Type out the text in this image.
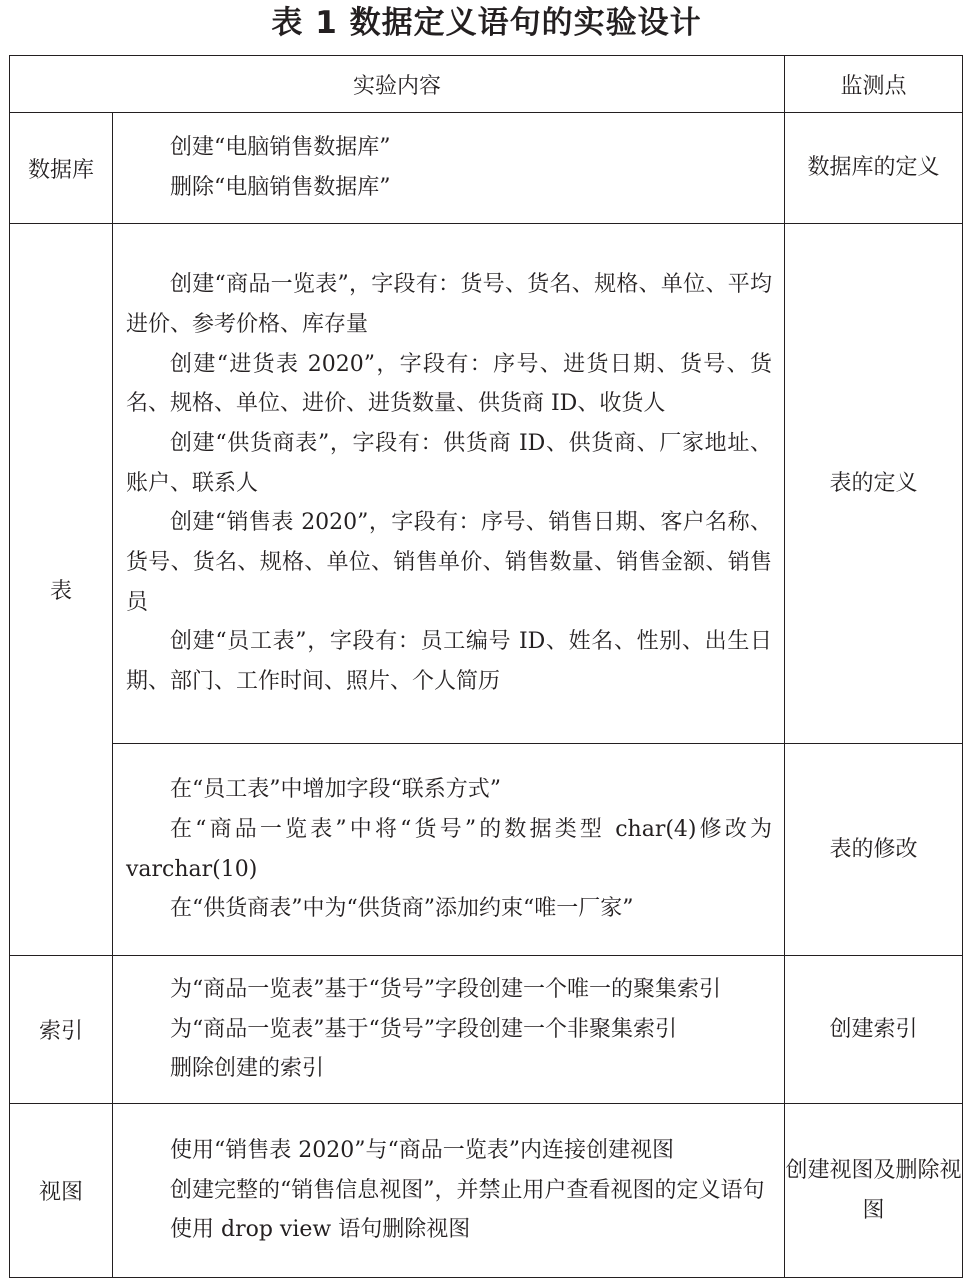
表 1 数据定义语句的实验设计
实验内容		监测点
数据库	创建“电脑销售数据库”

删除“电脑销售数据库”	数据库的定义
表	创建“商品一览表”，字段有：货号、货名、规格、单位、平均进价、参考价格、库存量

创建“进货表 2020”，字段有：序号、进货日期、货号、货名、规格、单位、进价、进货数量、供货商 ID、收货人

创建“供货商表”，字段有：供货商 ID、供货商、厂家地址、账户、联系人

创建“销售表 2020”，字段有：序号、销售日期、客户名称、货号、货名、规格、单位、销售单价、销售数量、销售金额、销售员

创建“员工表”，字段有：员工编号 ID、姓名、性别、出生日期、部门、工作时间、照片、个人简历	表的定义

	在“员工表”中增加字段“联系方式”

在“商品一览表”中将“货号”的数据类型 char(4)修改为 varchar(10)

在“供货商表”中为“供货商”添加约束“唯一厂家”	表的修改
索引	为“商品一览表”基于“货号”字段创建一个唯一的聚集索引

为“商品一览表”基于“货号”字段创建一个非聚集索引

删除创建的索引	创建索引
视图	使用“销售表 2020”与“商品一览表”内连接创建视图

创建完整的“销售信息视图”，并禁止用户查看视图的定义语句

使用 drop view 语句删除视图	创建视图及删除视图
